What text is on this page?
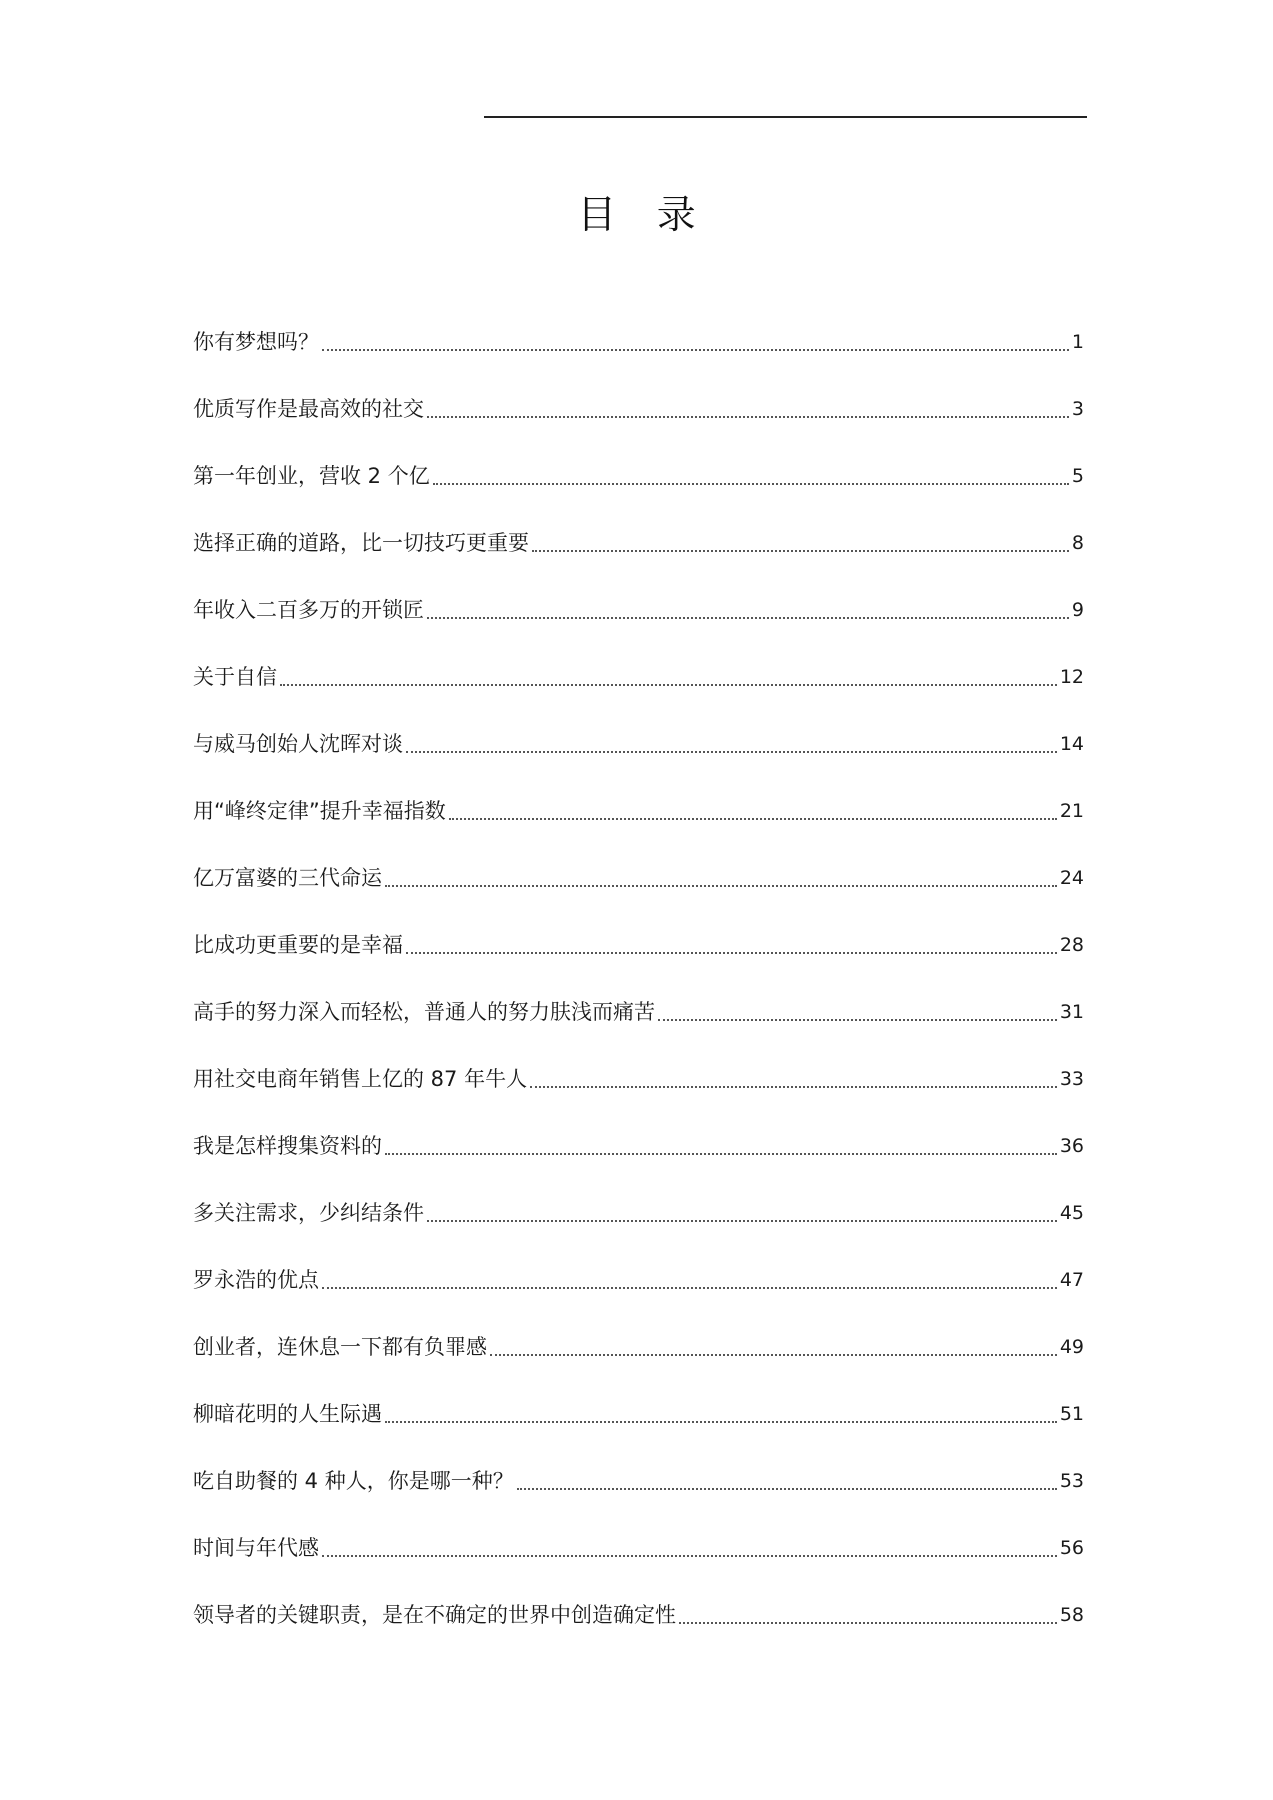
目 录
你有梦想吗？	1
优质写作是最高效的社交	3
第一年创业，营收 2 个亿	5
选择正确的道路，比一切技巧更重要	8
年收入二百多万的开锁匠	9
关于自信	12
与威马创始人沈晖对谈	14
用“峰终定律”提升幸福指数	21
亿万富婆的三代命运	24
比成功更重要的是幸福	28
高手的努力深入而轻松，普通人的努力肤浅而痛苦	31
用社交电商年销售上亿的 87 年牛人	33
我是怎样搜集资料的	36
多关注需求，少纠结条件	45
罗永浩的优点	47
创业者，连休息一下都有负罪感	49
柳暗花明的人生际遇	51
吃自助餐的 4 种人，你是哪一种？	53
时间与年代感	56
领导者的关键职责，是在不确定的世界中创造确定性	58
